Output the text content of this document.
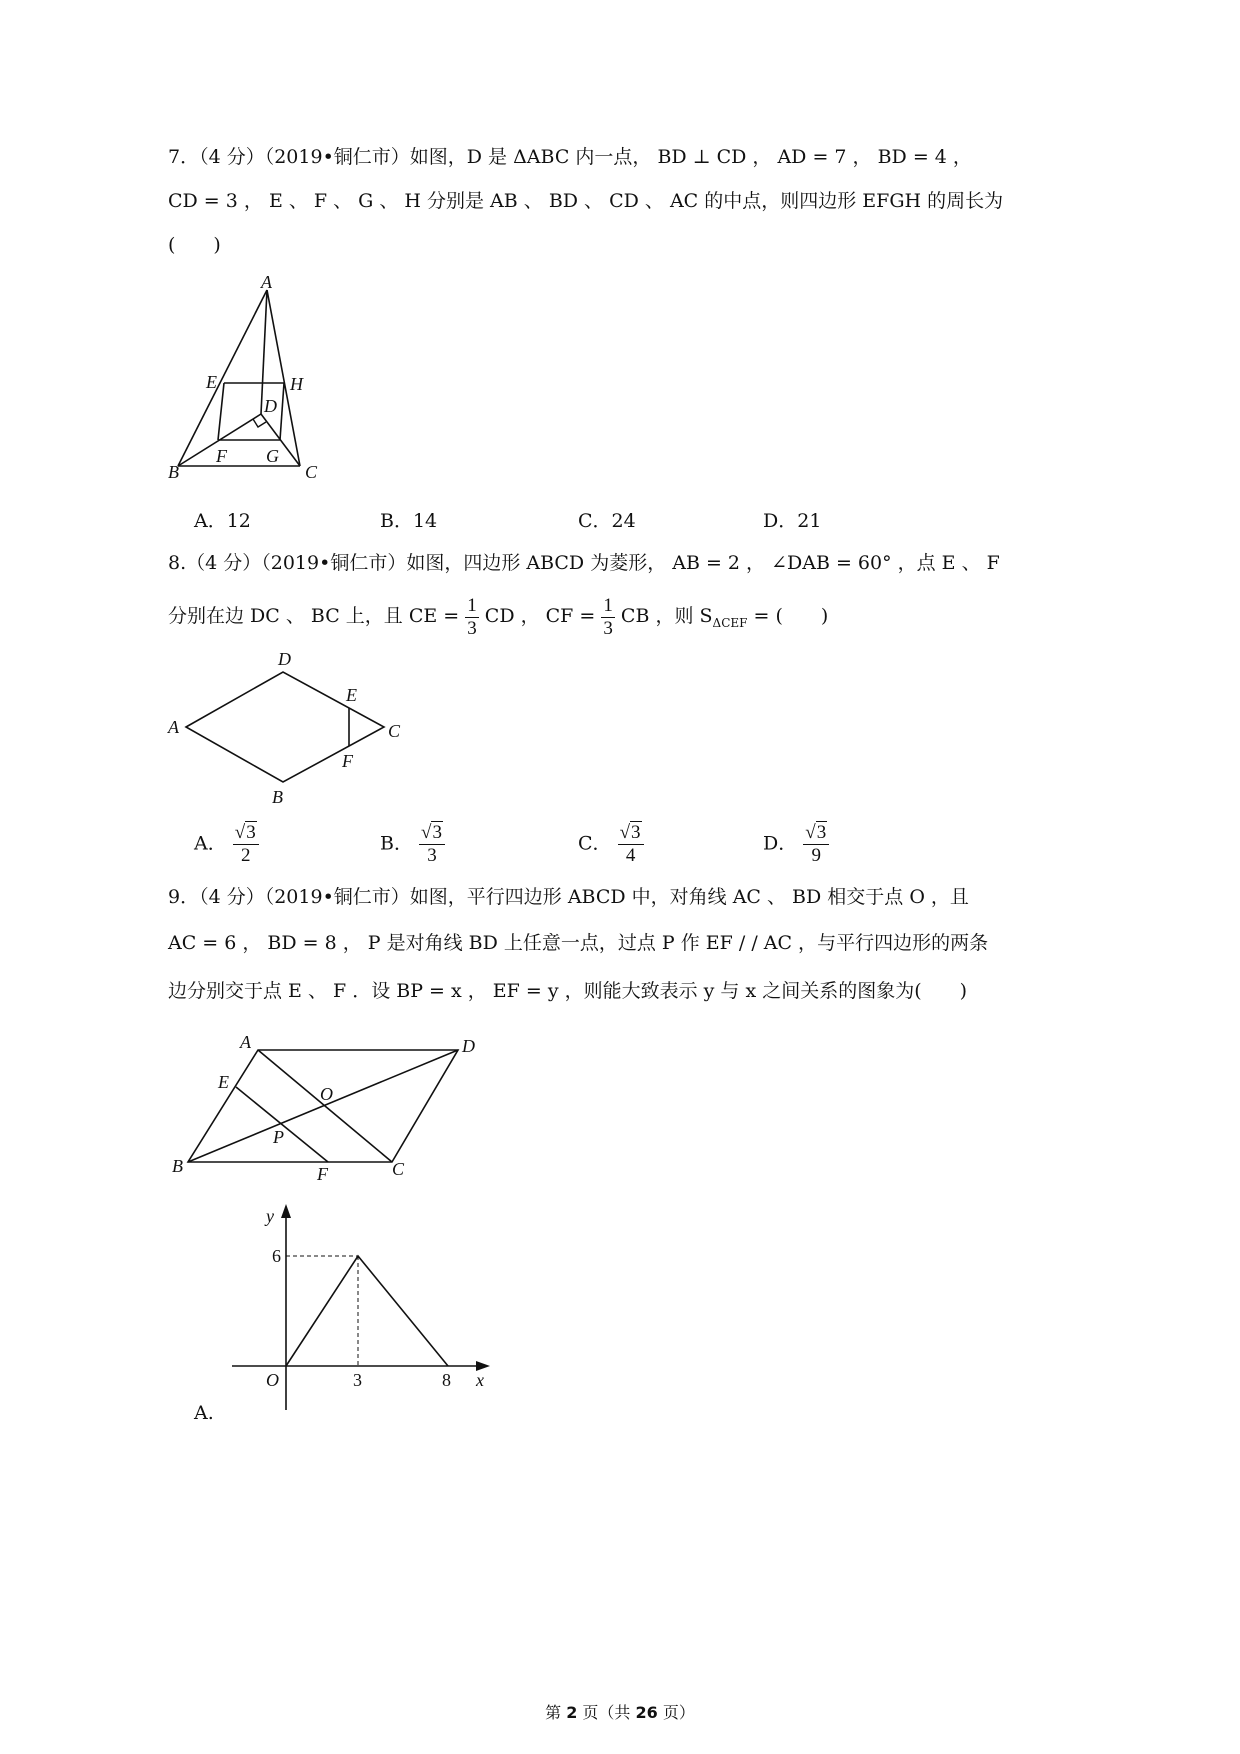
7．（4 分）（2019•铜仁市）如图，D 是 ΔABC 内一点， BD ⊥ CD ， AD = 7 ， BD = 4 ，
CD = 3 ， E 、 F 、 G 、 H 分别是 AB 、 BD 、 CD 、 AC 的中点，则四边形 EFGH 的周长为
(　　)
A
E	H
D
F G
B	C
A．12	B．14	C．24	D．21
8.（4 分）（2019•铜仁市）如图，四边形 ABCD 为菱形， AB = 2 ， ∠DAB = 60° ，点 E 、 F
分别在边 DC 、 BC 上，且 CE = $\frac{1}{3}$ CD ， CF = $\frac{1}{3}$ CB ，则 $S_{\Delta CEF}$ = (　　)
D
E
A	C
F
B
A． $\frac{√3}{2}$	B． $\frac{√3}{3}$	C． $\frac{√3}{4}$	D． $\frac{√3}{9}$
9．（4 分）（2019•铜仁市）如图，平行四边形 ABCD 中，对角线 AC 、 BD 相交于点 O ，且
AC = 6 ， BD = 8 ， P 是对角线 BD 上任意一点，过点 P 作 EF / / AC ，与平行四边形的两条
边分别交于点 E 、 F ．设 BP = x ， EF = y ，则能大致表示 y 与 x 之间关系的图象为(　　)
A	D
E
O
P
B	F	C
y
6
O	3	8 x
A.
第 2 页（共 26 页）
